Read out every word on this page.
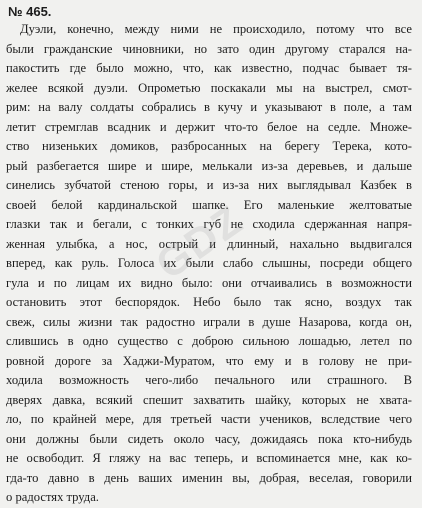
№ 465.
Дуэли, конечно, между ними не происходило, потому что все
были гражданские чиновники, но зато один другому старался на-
пакостить где было можно, что, как известно, подчас бывает тя-
желее всякой дуэли. Опрометью поскакали мы на выстрел, смот-
рим: на валу солдаты собрались в кучу и указывают в поле, а там
летит стремглав всадник и держит что-то белое на седле. Множе-
ство низеньких домиков, разбросанных на берегу Терека, кото-
рый разбегается шире и шире, мелькали из-за деревьев, и дальше
синелись зубчатой стеною горы, и из-за них выглядывал Казбек в
своей белой кардинальской шапке. Его маленькие желтоватые
глазки так и бегали, с тонких губ не сходила сдержанная напря-
женная улыбка, а нос, острый и длинный, нахально выдвигался
вперед, как руль. Голоса их были слабо слышны, посреди общего
гула и по лицам их видно было: они отчаивались в возможности
остановить этот беспорядок. Небо было так ясно, воздух так
свеж, силы жизни так радостно играли в душе Назарова, когда он,
слившись в одно существо с доброю сильною лошадью, летел по
ровной дороге за Хаджи-Муратом, что ему и в голову не при-
ходила возможность чего-либо печального или страшного. В
дверях давка, всякий спешит захватить шайку, которых не хвата-
ло, по крайней мере, для третьей части учеников, вследствие чего
они должны были сидеть около часу, дожидаясь пока кто-нибудь
не освободит. Я гляжу на вас теперь, и вспоминается мне, как ко-
гда-то давно в день ваших именин вы, добрая, веселая, говорили
о радостях труда.
GDZ
